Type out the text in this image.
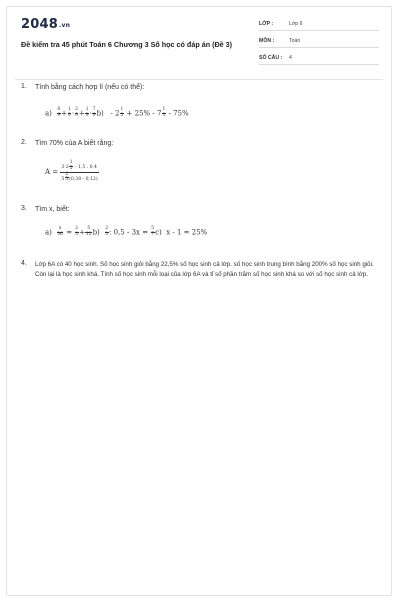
2048.vn
Đề kiểm tra 45 phút Toán 6 Chương 3 Số học có đáp án (Đề 3)
LỚP :	Lớp 6
MÔN :	Toán
SỐ CÂU : 4
1. Tính bằng cách hợp lí (nếu có thể):
$a) \frac{8}{9} + \frac{1}{9} \cdot \frac{2}{9} + \frac{1}{9} \cdot \frac{7}{9} b) - 2 \frac{1}{3} + 25\% - 7 \frac{1}{3} - 75\%$
2. Tìm 70% của A biết rằng:
$A = \frac{3\cdot 2 \frac{1}{5} - 1,5 . 0,4}{5 \frac{2}{5} (0,38 - 0,12)}$
3. Tìm x, biết:
$a) \frac{x}{36} = \frac{2}{3} + \frac{5}{12} b) \frac{2}{3}$ : $0,5 - 3x = \frac{5}{7} c$) x - 1 = 25%
4. Lớp 6A có 40 học sinh. Số học sinh giỏi bằng 22,5% số học sinh cả lớp. số học sinh trung bình bằng 200% số học sinh giỏi. Còn lại là học sinh khá. Tính số học sinh mỗi loại của lớp 6A và tỉ số phần trăm số học sinh khá so với số học sinh cả lớp.
